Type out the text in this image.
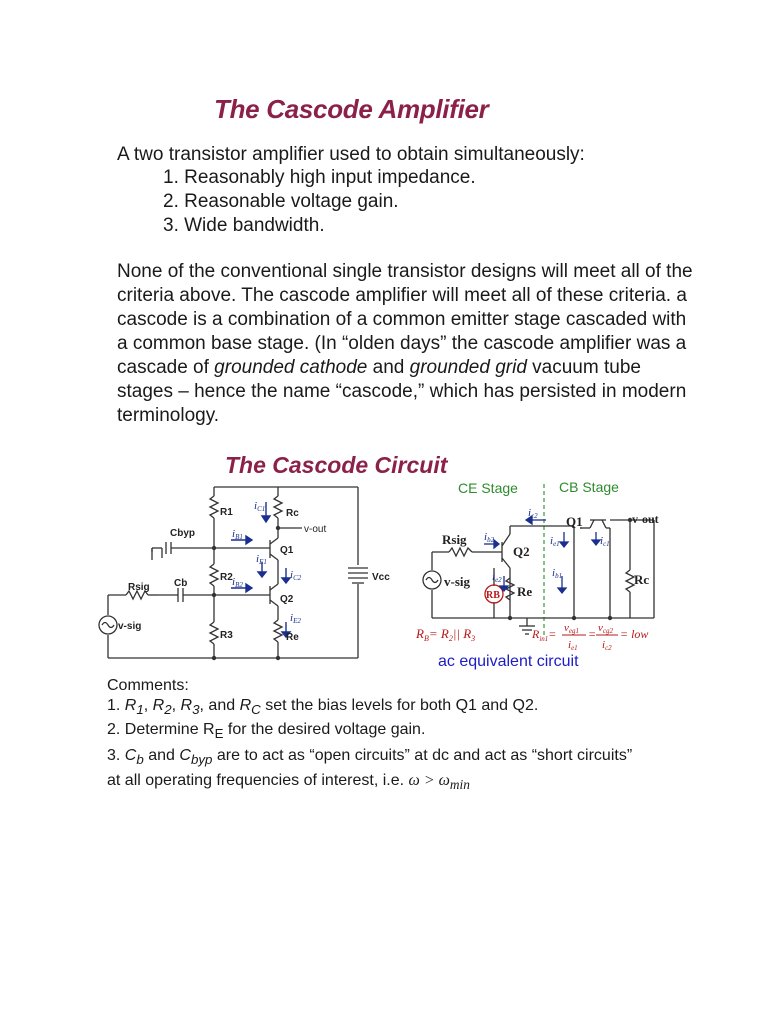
The Cascode Amplifier

A two transistor amplifier used to obtain simultaneously:

1. Reasonably high input impedance.
2. Reasonable voltage gain.
3. Wide bandwidth.

None of the conventional single transistor designs will meet all of the criteria above. The cascode amplifier will meet all of these criteria. a cascode is a combination of a common emitter stage cascaded with a common base stage. (In “olden days” the cascode amplifier was a cascade of grounded cathode and grounded grid vacuum tube stages – hence the name “cascode,” which has persisted in modern terminology.

The Cascode Circuit
R1	Rc
v-out
Cbyp
Q1
R2	Vcc
Rsig Cb
Q2
v-sig
R3	Re
iC1
iB1
iE1
iC2
iB2
iE2
CE Stage	CB Stage
Rsig
v-sig
Q2
Q1	v-out
Rc
Re
RB
ib2
ic2
ie1	ic1
ie2
ib1
$R_B= R_2||$ $R_3$	$R_{in1}= veg1$
ie1
= vcg2
ic2
= low
ac equivalent circuit

Comments:

1. $R_1$, $R_2$, $R_3$, and $R_C$ set the bias levels for both Q1 and Q2.

2. Determine $R_E$ for the desired voltage gain.

3. $C_b$ and $C_{byp}$ are to act as “open circuits” at dc and act as “short circuits”

at all operating frequencies of interest, i.e. $\omega > \omega_{min}$
